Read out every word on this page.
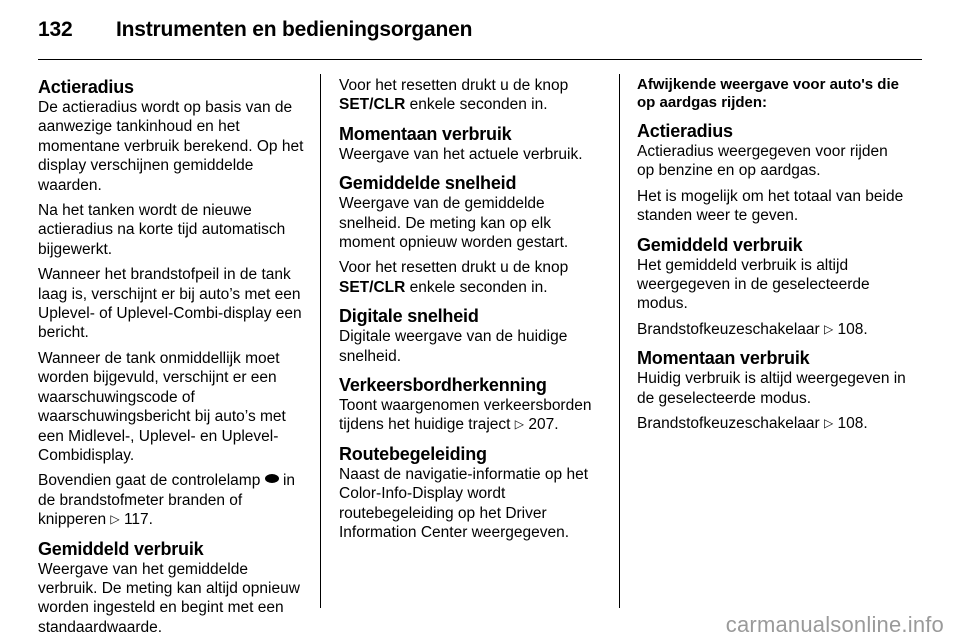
132	Instrumenten en bedieningsorganen
Actieradius

De actieradius wordt op basis van de aanwezige tankinhoud en het momentane verbruik berekend. Op het display verschijnen gemiddelde waarden.

Na het tanken wordt de nieuwe actieradius na korte tijd automatisch bijgewerkt.

Wanneer het brandstofpeil in de tank laag is, verschijnt er bij auto’s met een Uplevel- of Uplevel-Combi-display een bericht.

Wanneer de tank onmiddellijk moet worden bijgevuld, verschijnt er een waarschuwingscode of waarschuwingsbericht bij auto’s met een Midlevel-, Uplevel- en Uplevel-Combidisplay.

Bovendien gaat de controlelamp in de brandstofmeter branden of knipperen ▷ 117.

Gemiddeld verbruik

Weergave van het gemiddelde verbruik. De meting kan altijd opnieuw worden ingesteld en begint met een standaardwaarde.

Voor het resetten drukt u de knop SET/CLR enkele seconden in.

Momentaan verbruik

Weergave van het actuele verbruik.

Gemiddelde snelheid

Weergave van de gemiddelde snelheid. De meting kan op elk moment opnieuw worden gestart.

Voor het resetten drukt u de knop SET/CLR enkele seconden in.

Digitale snelheid

Digitale weergave van de huidige snelheid.

Verkeersbordherkenning

Toont waargenomen verkeersborden tijdens het huidige traject ▷ 207.

Routebegeleiding

Naast de navigatie-informatie op het Color-Info-Display wordt routebegeleiding op het Driver Information Center weergegeven.

Afwijkende weergave voor auto's die op aardgas rijden:

Actieradius

Actieradius weergegeven voor rijden op benzine en op aardgas.

Het is mogelijk om het totaal van beide standen weer te geven.

Gemiddeld verbruik

Het gemiddeld verbruik is altijd weergegeven in de geselecteerde modus.

Brandstofkeuzeschakelaar ▷ 108.

Momentaan verbruik

Huidig verbruik is altijd weergegeven in de geselecteerde modus.

Brandstofkeuzeschakelaar ▷ 108.

carmanualsonline.info
